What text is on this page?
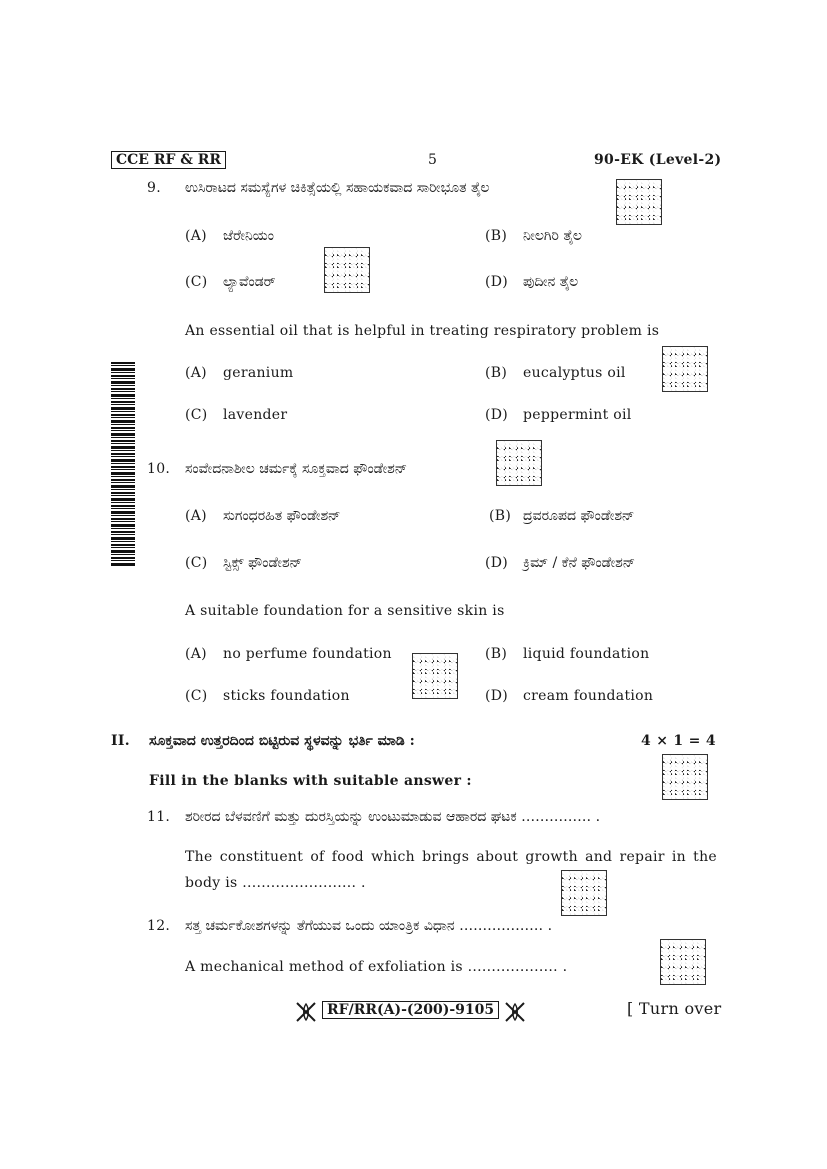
CCE RF & RR	5	90-EK (Level-2)
9. ಉಸಿರಾಟದ ಸಮಸ್ಯೆಗಳ ಚಿಕಿತ್ಸೆಯಲ್ಲಿ ಸಹಾಯಕವಾದ ಸಾರೀಭೂತ ತೈಲ
(A) ಜೆರೇನಿಯಂ	(B) ನೀಲಗಿರಿ ತೈಲ
(C) ಲ್ಯಾವೆಂಡರ್	(D) ಪುದೀನ ತೈಲ
An essential oil that is helpful in treating respiratory problem is
(A) geranium	(B) eucalyptus oil
(C) lavender	(D) peppermint oil
10. ಸಂವೇದನಾಶೀಲ ಚರ್ಮಕ್ಕೆ ಸೂಕ್ತವಾದ ಫೌಂಡೇಶನ್
(A) ಸುಗಂಧರಹಿತ ಫೌಂಡೇಶನ್	(B) ದ್ರವರೂಪದ ಫೌಂಡೇಶನ್
(C) ಸ್ಟಿಕ್ಸ್ ಫೌಂಡೇಶನ್	(D) ಕ್ರಿಮ್ / ಕೆನೆ ಫೌಂಡೇಶನ್
A suitable foundation for a sensitive skin is
(A) no perfume foundation	(B) liquid foundation
(C) sticks foundation	(D) cream foundation
II. ಸೂಕ್ತವಾದ ಉತ್ತರದಿಂದ ಬಿಟ್ಟಿರುವ ಸ್ಥಳವನ್ನು ಭರ್ತಿ ಮಾಡಿ :	4 × 1 = 4
Fill in the blanks with suitable answer :
11. ಶರೀರದ ಬೆಳವಣಿಗೆ ಮತ್ತು ದುರಸ್ತಿಯನ್ನು ಉಂಟುಮಾಡುವ ಆಹಾರದ ಘಟಕ …………… .
The constituent of food which brings about growth and repair in the body is ........................ .
12. ಸತ್ತ ಚರ್ಮಕೋಶಗಳನ್ನು ತೆಗೆಯುವ ಒಂದು ಯಾಂತ್ರಿಕ ವಿಧಾನ ……………… .
A mechanical method of exfoliation is ................... .
RF/RR(A)-(200)-9105	[ Turn over
